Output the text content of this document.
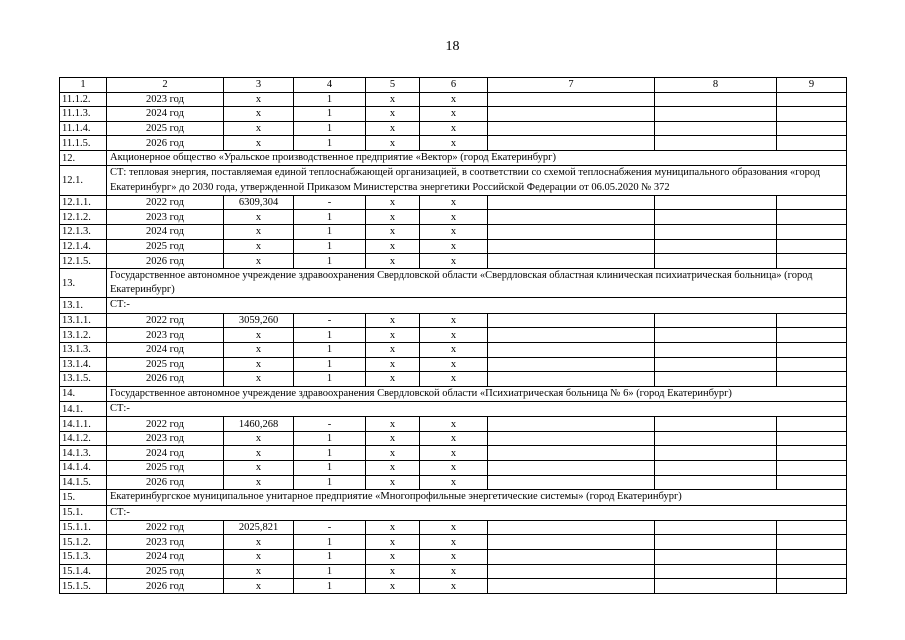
18
1	2	3	4	5	6	7	8	9
11.1.2.	2023 год	х	1	х	х			
11.1.3.	2024 год	х	1	х	х			
11.1.4.	2025 год	х	1	х	х			
11.1.5.	2026 год	х	1	х	х			
12.	Акционерное общество «Уральское производственное предприятие «Вектор» (город Екатеринбург)							
12.1.	СТ: тепловая энергия, поставляемая единой теплоснабжающей организацией, в соответствии со схемой теплоснабжения муниципального образования «город Екатеринбург» до 2030 года, утвержденной Приказом Министерства энергетики Российской Федерации от 06.05.2020 № 372							
12.1.1.	2022 год	6309,304	-	х	х			
12.1.2.	2023 год	х	1	х	х			
12.1.3.	2024 год	х	1	х	х			
12.1.4.	2025 год	х	1	х	х			
12.1.5.	2026 год	х	1	х	х			
13.	Государственное автономное учреждение здравоохранения Свердловской области «Свердловская областная клиническая психиатрическая больница» (город Екатеринбург)							
13.1.	СТ:-							
13.1.1.	2022 год	3059,260	-	х	х			
13.1.2.	2023 год	х	1	х	х			
13.1.3.	2024 год	х	1	х	х			
13.1.4.	2025 год	х	1	х	х			
13.1.5.	2026 год	х	1	х	х			
14.	Государственное автономное учреждение здравоохранения Свердловской области «Психиатрическая больница № 6» (город Екатеринбург)							
14.1.	СТ:-							
14.1.1.	2022 год	1460,268	-	х	х			
14.1.2.	2023 год	х	1	х	х			
14.1.3.	2024 год	х	1	х	х			
14.1.4.	2025 год	х	1	х	х			
14.1.5.	2026 год	х	1	х	х			
15.	Екатеринбургское муниципальное унитарное предприятие «Многопрофильные энергетические системы» (город Екатеринбург)							
15.1.	СТ:-							
15.1.1.	2022 год	2025,821	-	х	х			
15.1.2.	2023 год	х	1	х	х			
15.1.3.	2024 год	х	1	х	х			
15.1.4.	2025 год	х	1	х	х			
15.1.5.	2026 год	х	1	х	х			
